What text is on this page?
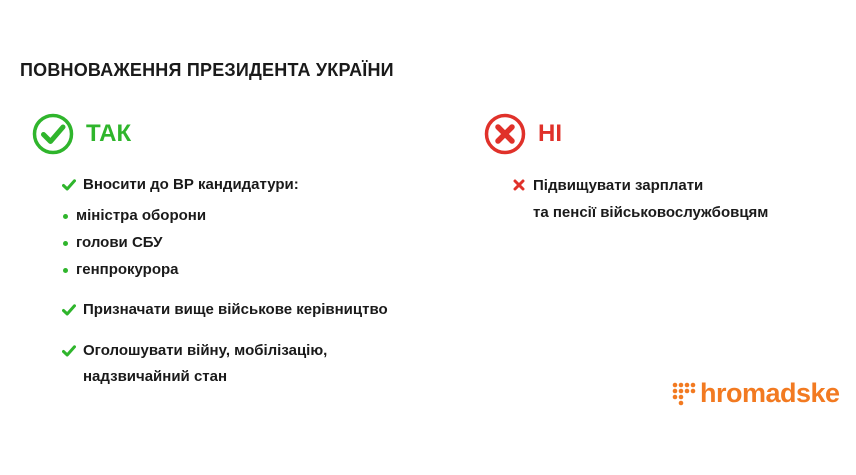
ПОВНОВАЖЕННЯ ПРЕЗИДЕНТА УКРАЇНИ
ТАК
Вносити до ВР кандидатури:
міністра оборони
голови СБУ
генпрокурора
Призначати вище військове керівництво
Оголошувати війну, мобілізацію,
надзвичайний стан
НІ
Підвищувати зарплати
та пенсії військовослужбовцям
hromadske
